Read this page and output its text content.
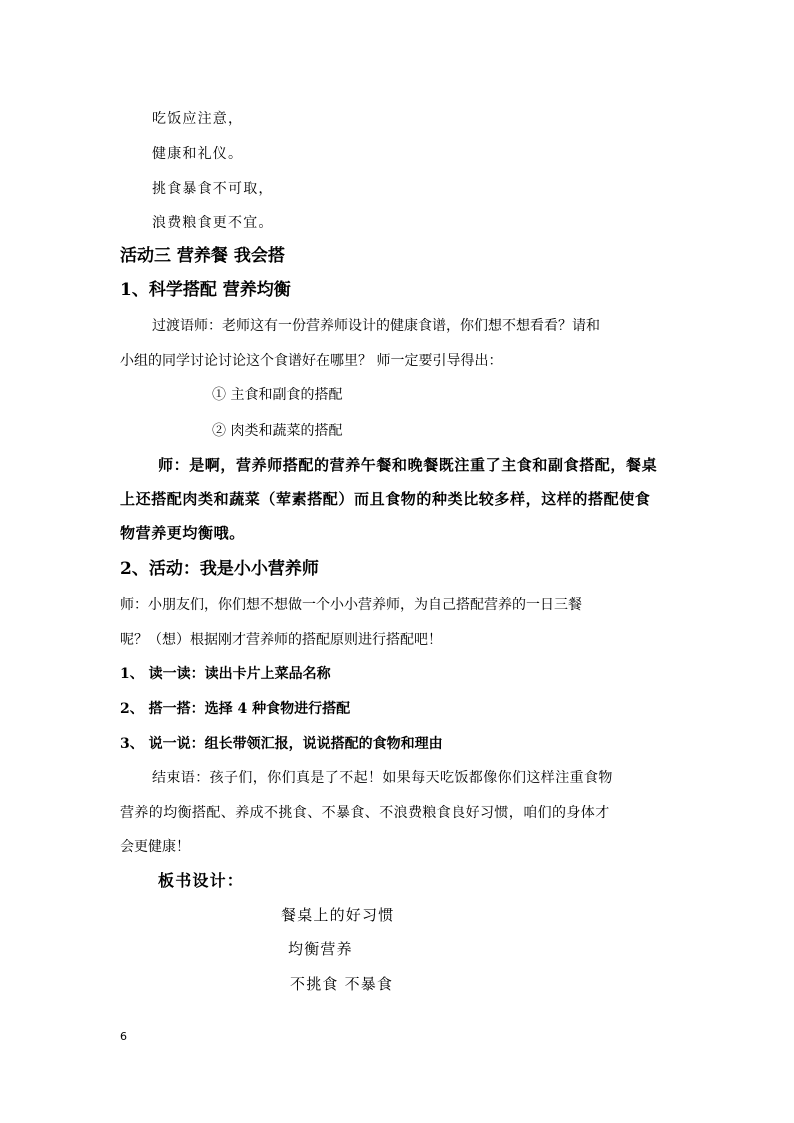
吃饭应注意，
健康和礼仪。
挑食暴食不可取，
浪费粮食更不宜。
活动三 营养餐 我会搭
1、科学搭配 营养均衡
过渡语师：老师这有一份营养师设计的健康食谱，你们想不想看看？请和
小组的同学讨论讨论这个食谱好在哪里？ 师一定要引导得出：
① 主食和副食的搭配
② 肉类和蔬菜的搭配
师：是啊，营养师搭配的营养午餐和晚餐既注重了主食和副食搭配，餐桌
上还搭配肉类和蔬菜（荤素搭配）而且食物的种类比较多样，这样的搭配使食
物营养更均衡哦。
2、活动：我是小小营养师
师：小朋友们，你们想不想做一个小小营养师，为自己搭配营养的一日三餐
呢？（想）根据刚才营养师的搭配原则进行搭配吧！
1、 读一读：读出卡片上菜品名称
2、 搭一搭：选择 4 种食物进行搭配
3、 说一说：组长带领汇报，说说搭配的食物和理由
结束语：孩子们，你们真是了不起！如果每天吃饭都像你们这样注重食物
营养的均衡搭配、养成不挑食、不暴食、不浪费粮食良好习惯，咱们的身体才
会更健康！
板书设计：
餐桌上的好习惯
均衡营养
不挑食 不暴食
6
